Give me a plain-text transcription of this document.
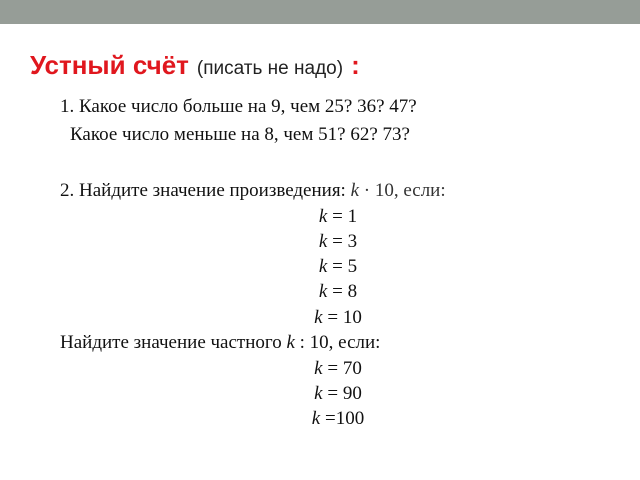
Устный счёт (писать не надо) :
1. Какое число больше на 9, чем 25? 36? 47?
Какое число меньше на 8, чем 51? 62? 73?
2. Найдите значение произведения: k · 10, если:
k = 1
k = 3
k = 5
k = 8
k = 10
Найдите значение частного k : 10, если:
k = 70
k = 90
k =100
